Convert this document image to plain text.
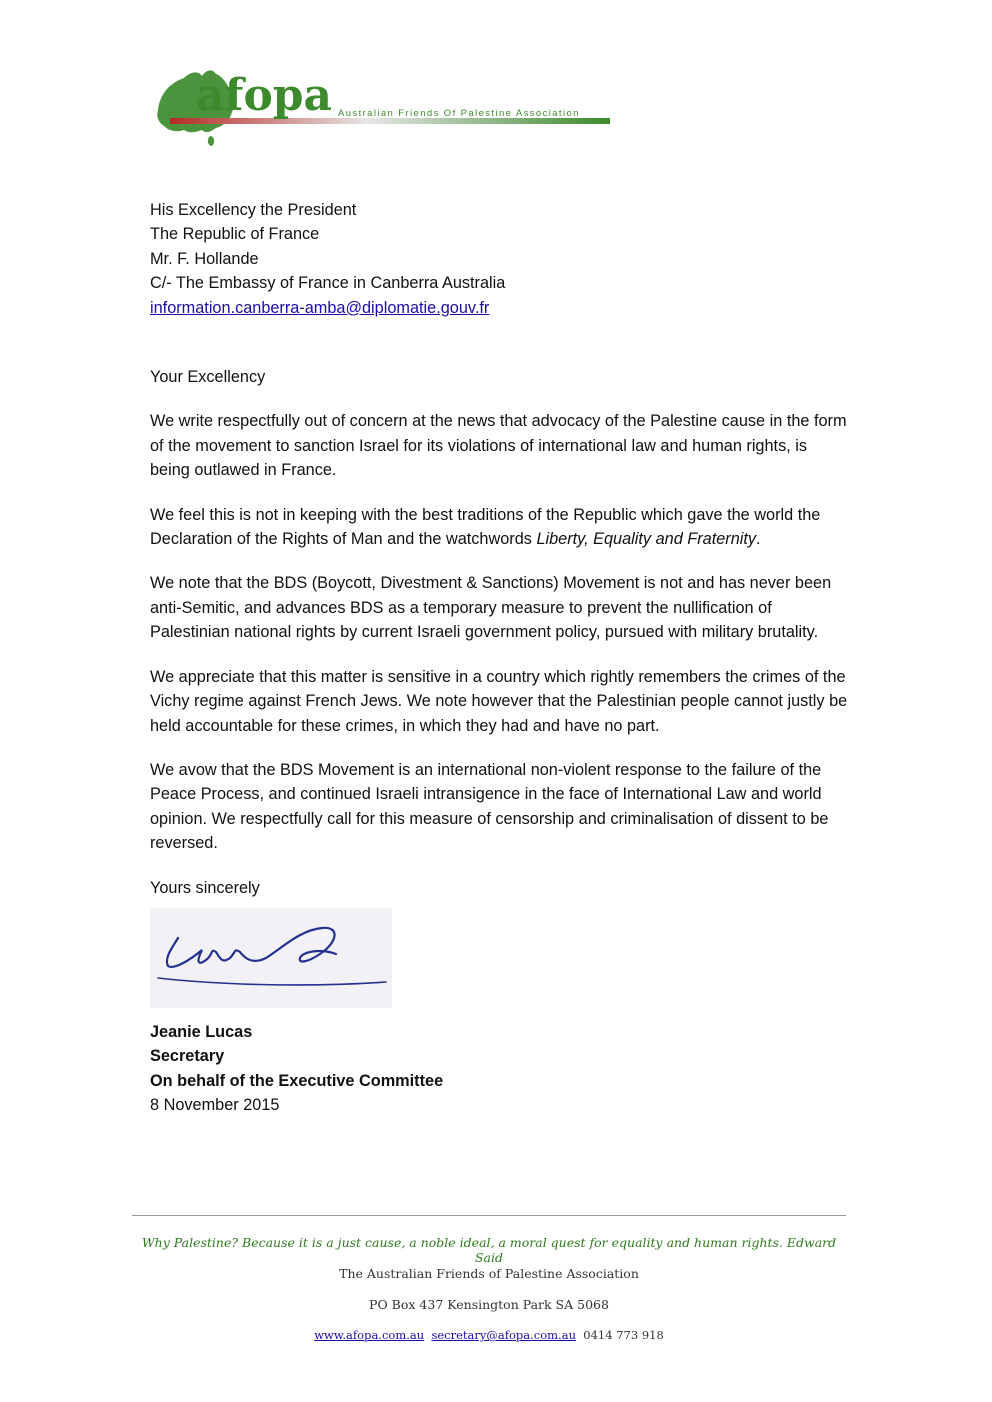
afopa Australian Friends Of Palestine Association

His Excellency the President

The Republic of France

Mr. F. Hollande

C/- The Embassy of France in Canberra Australia

information.canberra-amba@diplomatie.gouv.fr

Your Excellency

We write respectfully out of concern at the news that advocacy of the Palestine cause in the form of the movement to sanction Israel for its violations of international law and human rights, is being outlawed in France.

We feel this is not in keeping with the best traditions of the Republic which gave the world the Declaration of the Rights of Man and the watchwords Liberty, Equality and Fraternity.

We note that the BDS (Boycott, Divestment & Sanctions) Movement is not and has never been anti-Semitic, and advances BDS as a temporary measure to prevent the nullification of Palestinian national rights by current Israeli government policy, pursued with military brutality.

We appreciate that this matter is sensitive in a country which rightly remembers the crimes of the Vichy regime against French Jews. We note however that the Palestinian people cannot justly be held accountable for these crimes, in which they had and have no part.

We avow that the BDS Movement is an international non-violent response to the failure of the Peace Process, and continued Israeli intransigence in the face of International Law and world opinion. We respectfully call for this measure of censorship and criminalisation of dissent to be reversed.

Yours sincerely

Jeanie Lucas

Secretary

On behalf of the Executive Committee

8 November 2015

Why Palestine? Because it is a just cause, a noble ideal, a moral quest for equality and human rights. Edward Said
The Australian Friends of Palestine Association
PO Box 437 Kensington Park SA 5068
www.afopa.com.au secretary@afopa.com.au 0414 773 918
